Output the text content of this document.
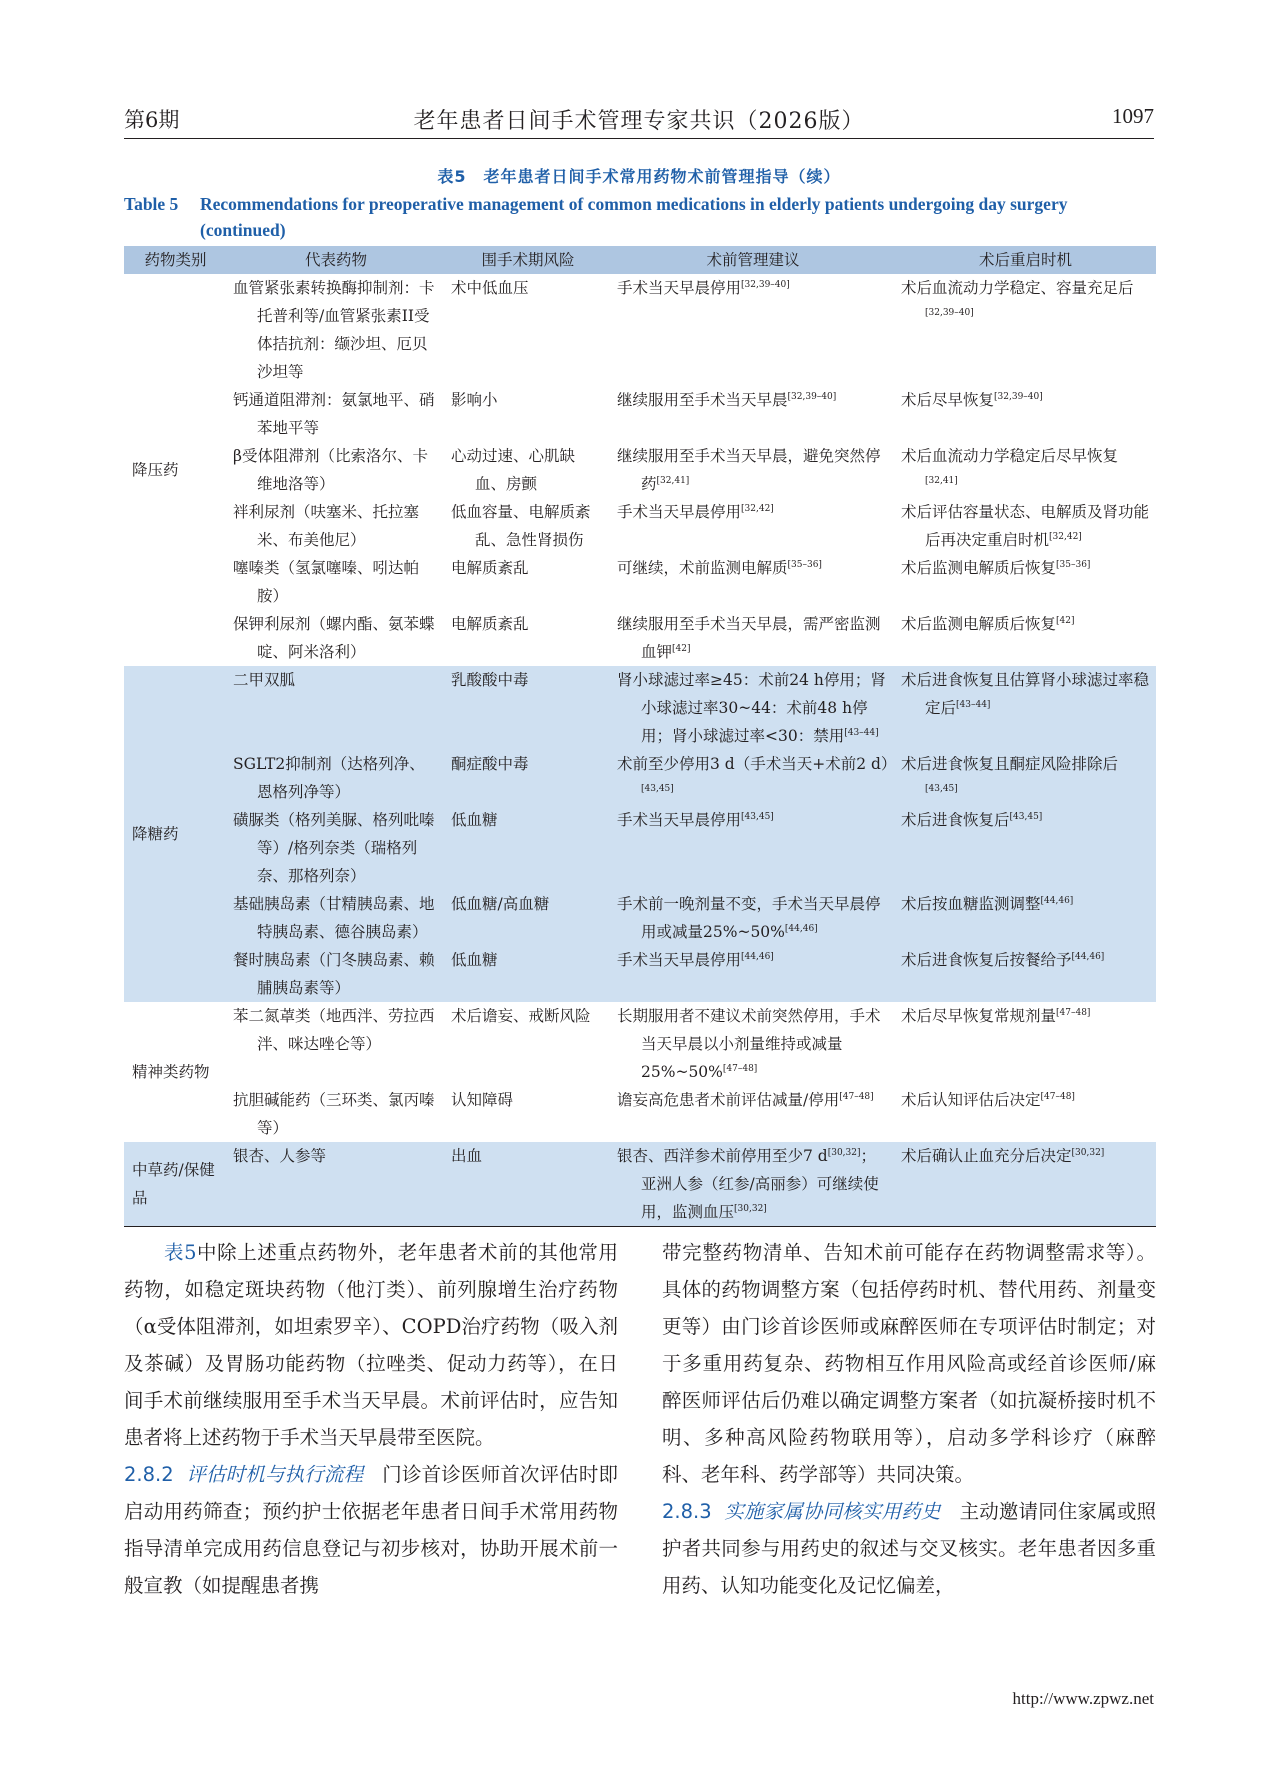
第6期	老年患者日间手术管理专家共识（2026版）	1097
表5　老年患者日间手术常用药物术前管理指导（续）
Table 5 Recommendations for preoperative management of common medications in elderly patients undergoing day surgery
(continued)
药物类别	代表药物	围手术期风险	术前管理建议	术后重启时机
降压药	血管紧张素转换酶抑制剂：卡托普利等/血管紧张素II受体拮抗剂：缬沙坦、厄贝沙坦等	术中低血压	手术当天早晨停用[32,39–40]	术后血流动力学稳定、容量充足后[32,39–40]
	钙通道阻滞剂：氨氯地平、硝苯地平等	影响小	继续服用至手术当天早晨[32,39–40]	术后尽早恢复[32,39–40]
	β受体阻滞剂（比索洛尔、卡维地洛等）	心动过速、心肌缺血、房颤	继续服用至手术当天早晨，避免突然停药[32,41]	术后血流动力学稳定后尽早恢复[32,41]
	袢利尿剂（呋塞米、托拉塞米、布美他尼）	低血容量、电解质紊乱、急性肾损伤	手术当天早晨停用[32,42]	术后评估容量状态、电解质及肾功能后再决定重启时机[32,42]
	噻嗪类（氢氯噻嗪、吲达帕胺）	电解质紊乱	可继续，术前监测电解质[35–36]	术后监测电解质后恢复[35–36]
	保钾利尿剂（螺内酯、氨苯蝶啶、阿米洛利）	电解质紊乱	继续服用至手术当天早晨，需严密监测血钾[42]	术后监测电解质后恢复[42]
降糖药	二甲双胍	乳酸酸中毒	肾小球滤过率≥45：术前24 h停用；肾小球滤过率30~44：术前48 h停用；肾小球滤过率<30：禁用[43–44]	术后进食恢复且估算肾小球滤过率稳定后[43–44]
	SGLT2抑制剂（达格列净、恩格列净等）	酮症酸中毒	术前至少停用3 d（手术当天+术前2 d）[43,45]	术后进食恢复且酮症风险排除后[43,45]
	磺脲类（格列美脲、格列吡嗪等）/格列奈类（瑞格列奈、那格列奈）	低血糖	手术当天早晨停用[43,45]	术后进食恢复后[43,45]
	基础胰岛素（甘精胰岛素、地特胰岛素、德谷胰岛素）	低血糖/高血糖	手术前一晚剂量不变，手术当天早晨停用或减量25%~50%[44,46]	术后按血糖监测调整[44,46]
	餐时胰岛素（门冬胰岛素、赖脯胰岛素等）	低血糖	手术当天早晨停用[44,46]	术后进食恢复后按餐给予[44,46]
精神类药物	苯二氮䓬类（地西泮、劳拉西泮、咪达唑仑等）	术后谵妄、戒断风险	长期服用者不建议术前突然停用，手术当天早晨以小剂量维持或减量25%~50%[47–48]	术后尽早恢复常规剂量[47–48]
	抗胆碱能药（三环类、氯丙嗪等）	认知障碍	谵妄高危患者术前评估减量/停用[47–48]	术后认知评估后决定[47–48]
中草药/保健品	银杏、人参等	出血	银杏、西洋参术前停用至少7 d[30,32]；亚洲人参（红参/高丽参）可继续使用，监测血压[30,32]	术后确认止血充分后决定[30,32]

表5中除上述重点药物外，老年患者术前的其他常用药物，如稳定斑块药物（他汀类）、前列腺增生治疗药物（α受体阻滞剂，如坦索罗辛）、COPD治疗药物（吸入剂及茶碱）及胃肠功能药物（拉唑类、促动力药等），在日间手术前继续服用至手术当天早晨。术前评估时，应告知患者将上述药物于手术当天早晨带至医院。

2.8.2 评估时机与执行流程 门诊首诊医师首次评估时即启动用药筛查；预约护士依据老年患者日间手术常用药物指导清单完成用药信息登记与初步核对，协助开展术前一般宣教（如提醒患者携

带完整药物清单、告知术前可能存在药物调整需求等）。具体的药物调整方案（包括停药时机、替代用药、剂量变更等）由门诊首诊医师或麻醉医师在专项评估时制定；对于多重用药复杂、药物相互作用风险高或经首诊医师/麻醉医师评估后仍难以确定调整方案者（如抗凝桥接时机不明、多种高风险药物联用等），启动多学科诊疗（麻醉科、老年科、药学部等）共同决策。

2.8.3 实施家属协同核实用药史 主动邀请同住家属或照护者共同参与用药史的叙述与交叉核实。老年患者因多重用药、认知功能变化及记忆偏差，

http://www.zpwz.net
